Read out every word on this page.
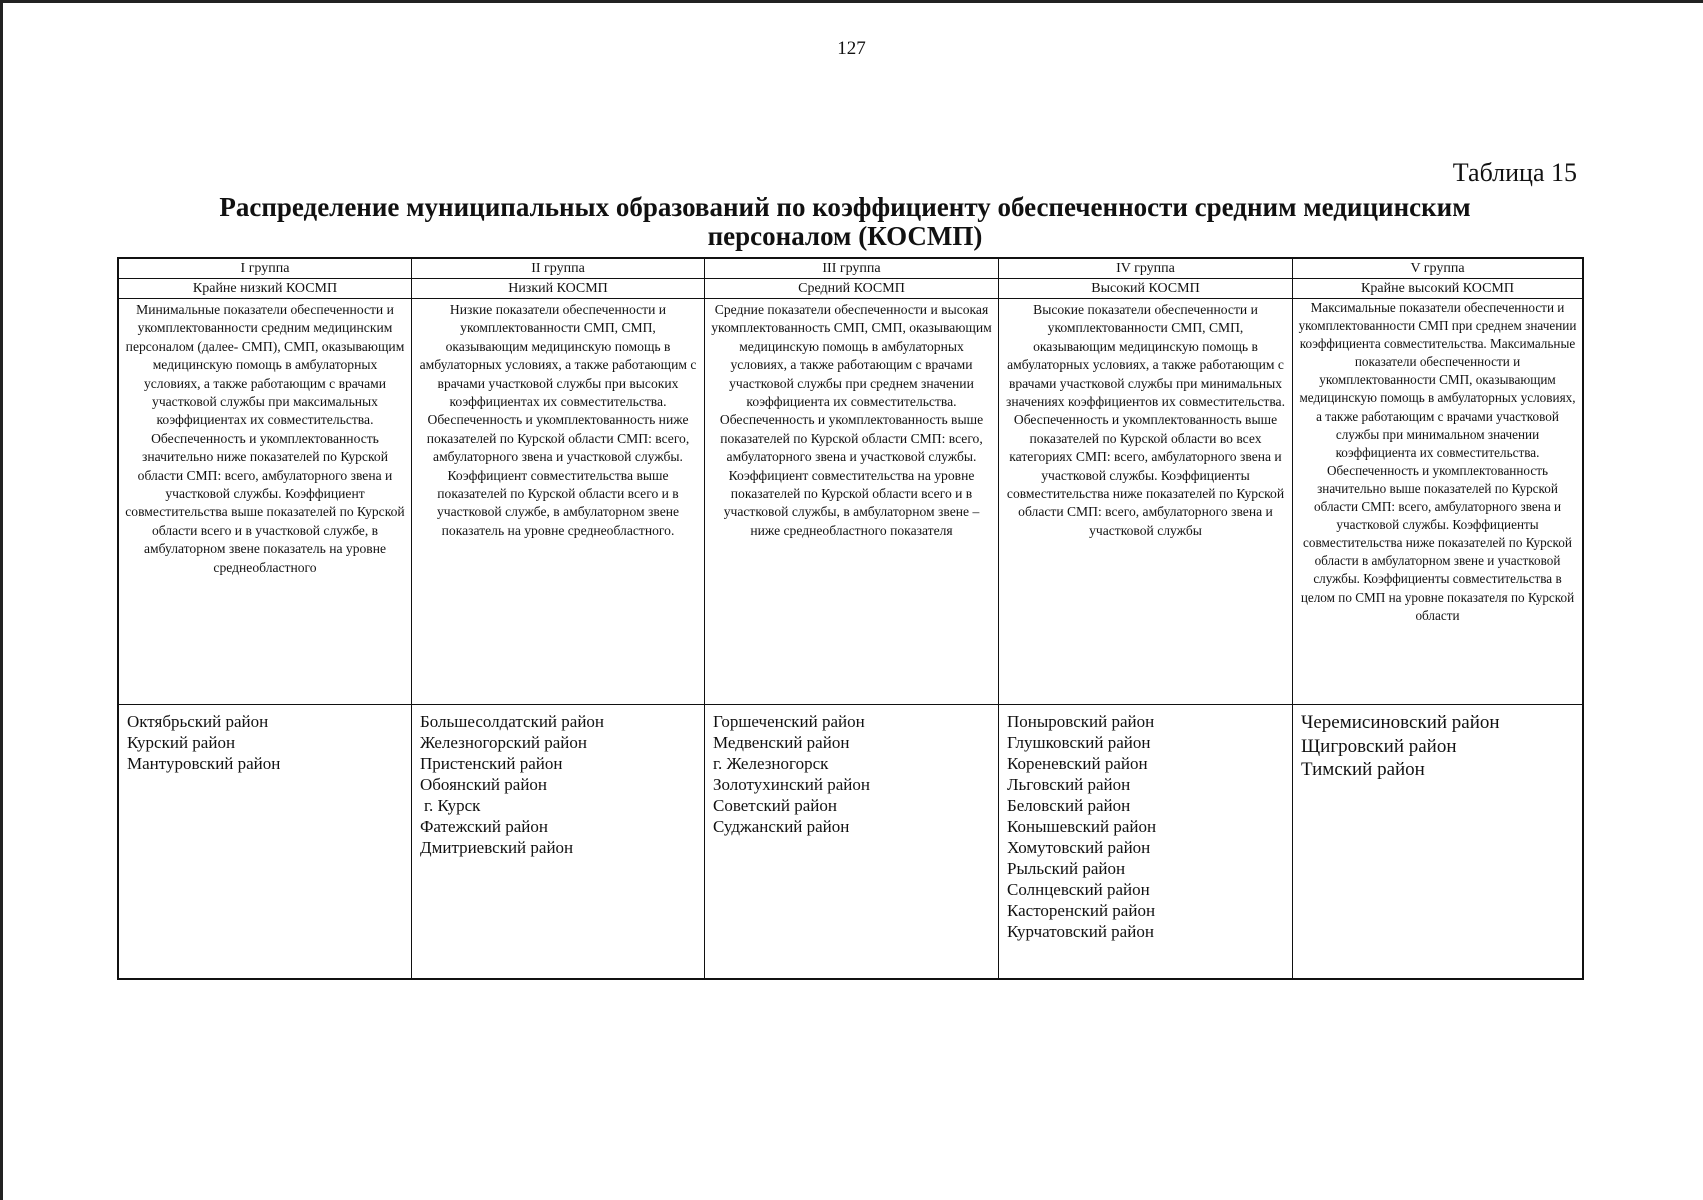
127
Таблица 15
Распределение муниципальных образований по коэффициенту обеспеченности средним медицинским персоналом (КОСМП)
I группа
Крайне низкий КОСМП
Минимальные показатели обеспеченности и укомплектованности средним медицинским персоналом (далее- СМП), СМП, оказывающим медицинскую помощь в амбулаторных условиях, а также работающим с врачами участковой службы при максимальных коэффициентах их совместительства. Обеспеченность и укомплектованность значительно ниже показателей по Курской области СМП: всего, амбулаторного звена и участковой службы. Коэффициент совместительства выше показателей по Курской области всего и в участковой службе, в амбулаторном звене показатель на уровне среднеобластного
Октябрьский район
Курский район
Мантуровский район
II группа
Низкий КОСМП
Низкие показатели обеспеченности и укомплектованности СМП, СМП, оказывающим медицинскую помощь в амбулаторных условиях, а также работающим с врачами участковой службы при высоких коэффициентах их совместительства. Обеспеченность и укомплектованность ниже показателей по Курской области СМП: всего, амбулаторного звена и участковой службы. Коэффициент совместительства выше показателей по Курской области всего и в участковой службе, в амбулаторном звене показатель на уровне среднеобластного.
Большесолдатский район
Железногорский район
Пристенский район
Обоянский район
г. Курск
Фатежский район
Дмитриевский район
III группа
Средний КОСМП
Средние показатели обеспеченности и высокая укомплектованность СМП, СМП, оказывающим медицинскую помощь в амбулаторных условиях, а также работающим с врачами участковой службы при среднем значении коэффициента их совместительства. Обеспеченность и укомплектованность выше показателей по Курской области СМП: всего, амбулаторного звена и участковой службы. Коэффициент совместительства на уровне показателей по Курской области всего и в участковой службы, в амбулаторном звене – ниже среднеобластного показателя
Горшеченский район
Медвенский район
г. Железногорск
Золотухинский район
Советский район
Суджанский район
IV группа
Высокий КОСМП
Высокие показатели обеспеченности и укомплектованности СМП, СМП, оказывающим медицинскую помощь в амбулаторных условиях, а также работающим с врачами участковой службы при минимальных значениях коэффициентов их совместительства. Обеспеченность и укомплектованность выше показателей по Курской области во всех категориях СМП: всего, амбулаторного звена и участковой службы. Коэффициенты совместительства ниже показателей по Курской области СМП: всего, амбулаторного звена и участковой службы
Поныровский район
Глушковский район
Кореневский район
Льговский район
Беловский район
Конышевский район
Хомутовский район
Рыльский район
Солнцевский район
Касторенский район
Курчатовский район
V группа
Крайне высокий КОСМП
Максимальные показатели обеспеченности и укомплектованности СМП при среднем значении коэффициента совместительства. Максимальные показатели обеспеченности и укомплектованности СМП, оказывающим медицинскую помощь в амбулаторных условиях, а также работающим с врачами участковой службы при минимальном значении коэффициента их совместительства. Обеспеченность и укомплектованность значительно выше показателей по Курской области СМП: всего, амбулаторного звена и участковой службы. Коэффициенты совместительства ниже показателей по Курской области в амбулаторном звене и участковой службы. Коэффициенты совместительства в целом по СМП на уровне показателя по Курской области
Черемисиновский район
Щигровский район
Тимский район
